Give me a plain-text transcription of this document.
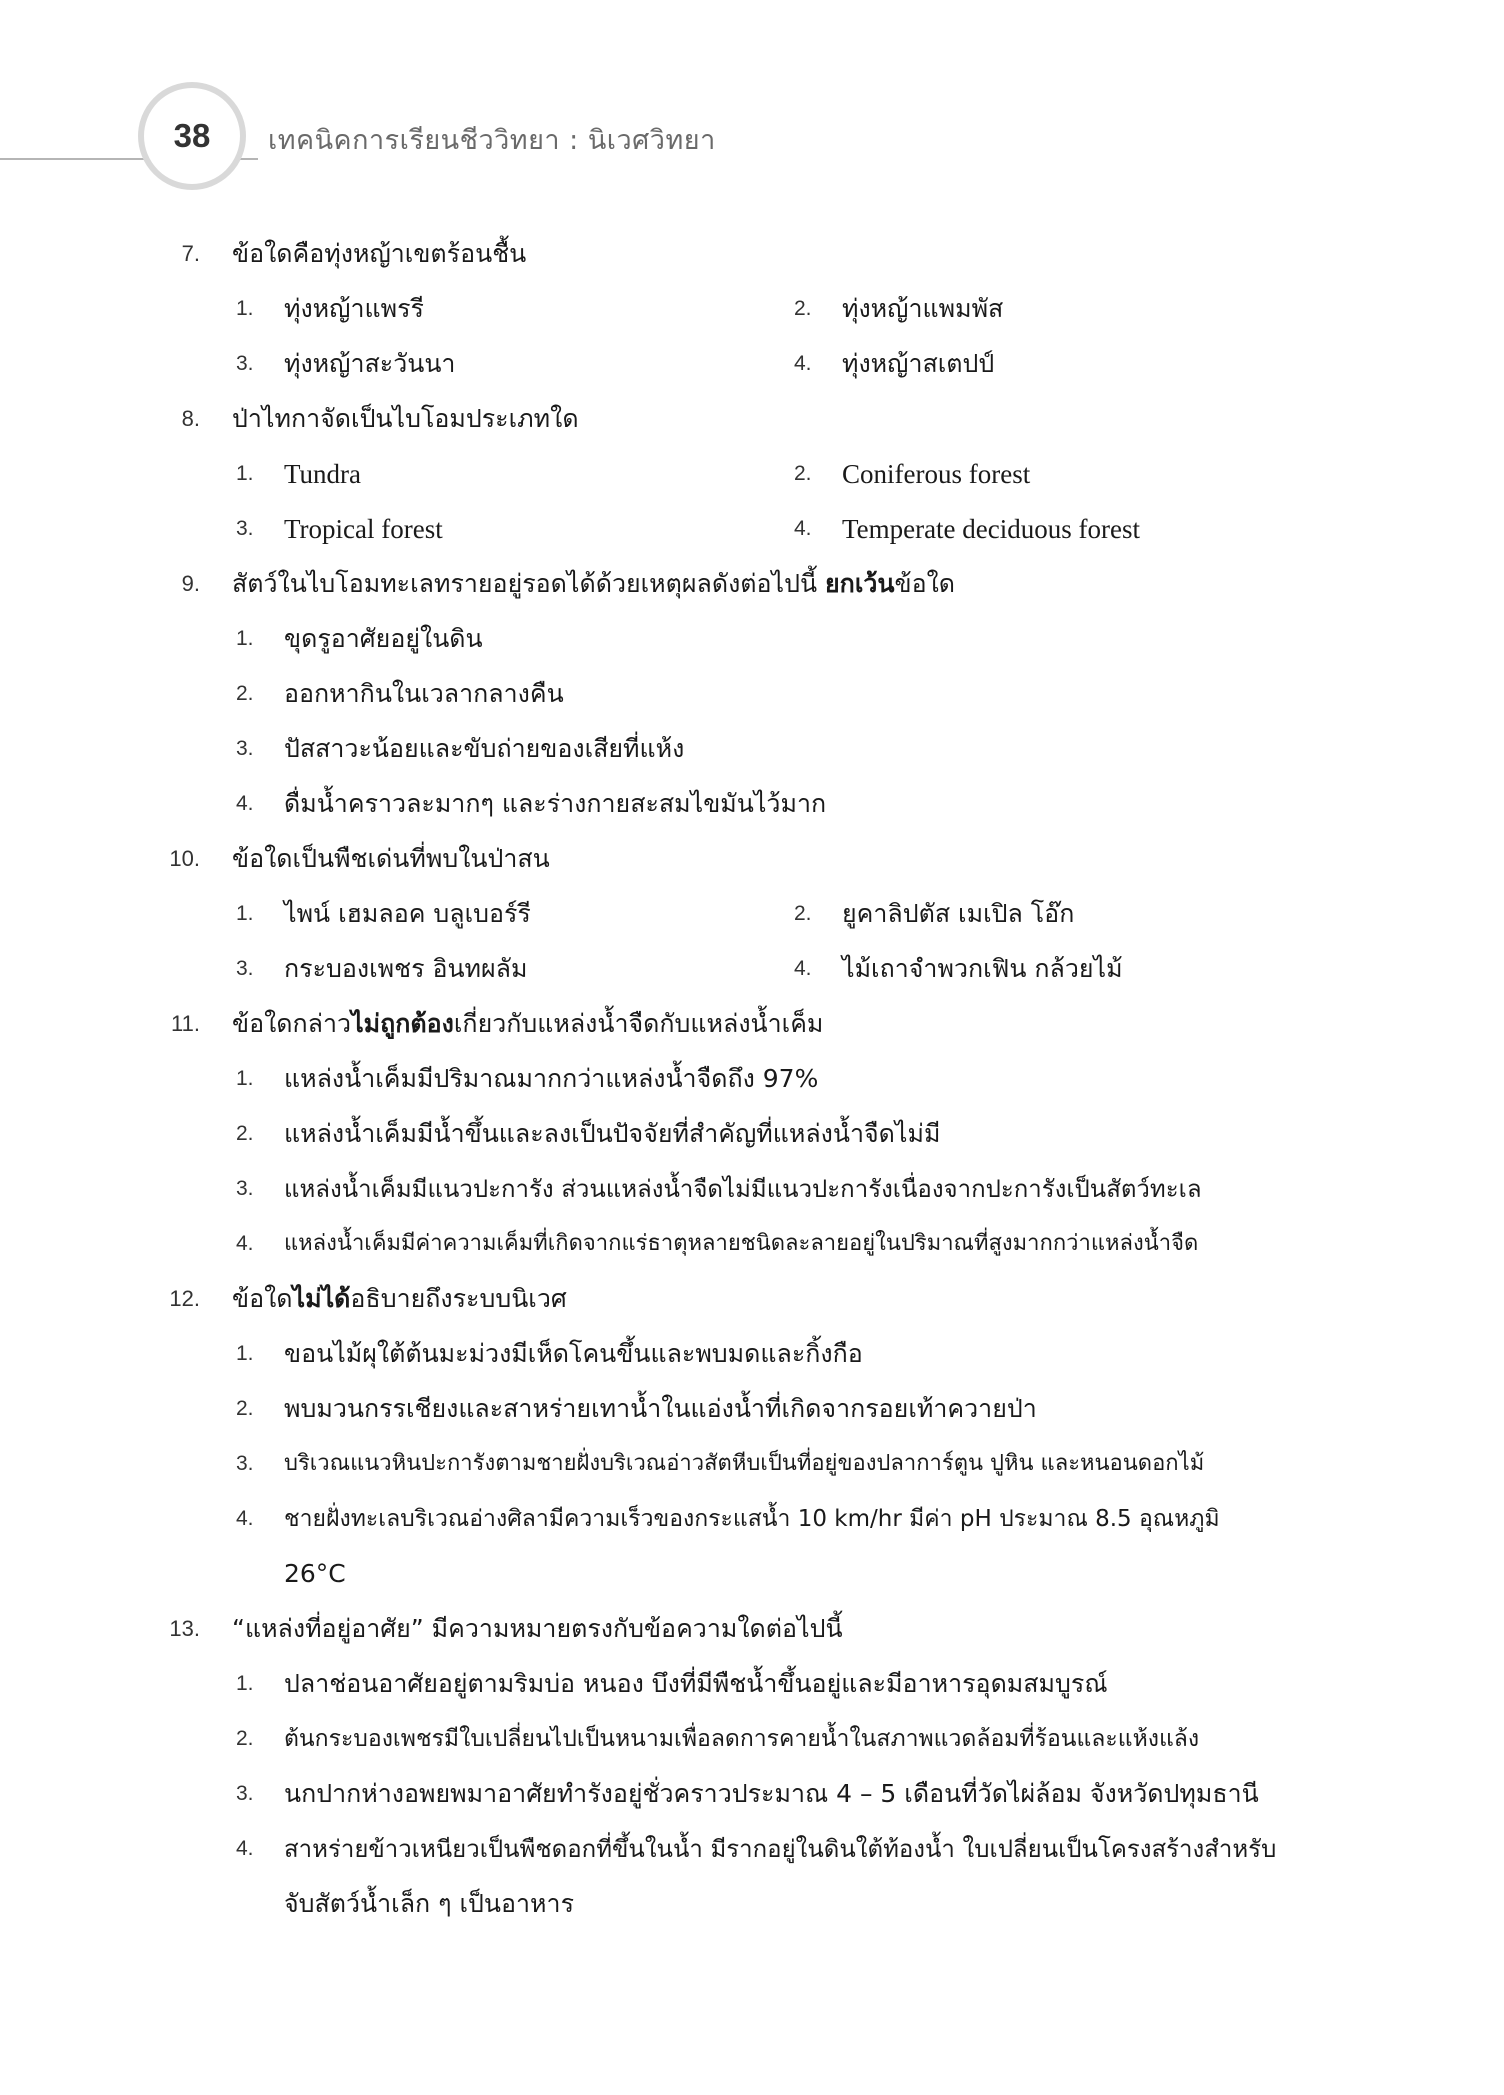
38 เทคนิคการเรียนชีววิทยา : นิเวศวิทยา
7. ข้อใดคือทุ่งหญ้าเขตร้อนชื้น
1.	ทุ่งหญ้าแพรรี	2.	ทุ่งหญ้าแพมพัส
3.	ทุ่งหญ้าสะวันนา	4.	ทุ่งหญ้าสเตปป์
8. ป่าไทกาจัดเป็นไบโอมประเภทใด
1.	Tundra	2.	Coniferous forest
3.	Tropical forest	4.	Temperate deciduous forest
9. สัตว์ในไบโอมทะเลทรายอยู่รอดได้ด้วยเหตุผลดังต่อไปนี้ ยกเว้นข้อใด
1.	ขุดรูอาศัยอยู่ในดิน
2.	ออกหากินในเวลากลางคืน
3.	ปัสสาวะน้อยและขับถ่ายของเสียที่แห้ง
4.	ดื่มน้ำคราวละมากๆ และร่างกายสะสมไขมันไว้มาก
10. ข้อใดเป็นพืชเด่นที่พบในป่าสน
1.	ไพน์ เฮมลอค บลูเบอร์รี	2.	ยูคาลิปตัส เมเปิล โอ๊ก
3.	กระบองเพชร อินทผลัม	4.	ไม้เถาจำพวกเฟิน กล้วยไม้
11. ข้อใดกล่าวไม่ถูกต้องเกี่ยวกับแหล่งน้ำจืดกับแหล่งน้ำเค็ม
1.	แหล่งน้ำเค็มมีปริมาณมากกว่าแหล่งน้ำจืดถึง 97%
2.	แหล่งน้ำเค็มมีน้ำขึ้นและลงเป็นปัจจัยที่สำคัญที่แหล่งน้ำจืดไม่มี
3.	แหล่งน้ำเค็มมีแนวปะการัง ส่วนแหล่งน้ำจืดไม่มีแนวปะการังเนื่องจากปะการังเป็นสัตว์ทะเล
4.	แหล่งน้ำเค็มมีค่าความเค็มที่เกิดจากแร่ธาตุหลายชนิดละลายอยู่ในปริมาณที่สูงมากกว่าแหล่งน้ำจืด
12. ข้อใดไม่ได้อธิบายถึงระบบนิเวศ
1.	ขอนไม้ผุใต้ต้นมะม่วงมีเห็ดโคนขึ้นและพบมดและกิ้งกือ
2.	พบมวนกรรเชียงและสาหร่ายเทาน้ำในแอ่งน้ำที่เกิดจากรอยเท้าควายป่า
3.	บริเวณแนวหินปะการังตามชายฝั่งบริเวณอ่าวสัตหีบเป็นที่อยู่ของปลาการ์ตูน ปูหิน และหนอนดอกไม้
4.	ชายฝั่งทะเลบริเวณอ่างศิลามีความเร็วของกระแสน้ำ 10 km/hr มีค่า pH ประมาณ 8.5 อุณหภูมิ
26°C
13. “แหล่งที่อยู่อาศัย” มีความหมายตรงกับข้อความใดต่อไปนี้
1.	ปลาช่อนอาศัยอยู่ตามริมบ่อ หนอง บึงที่มีพืชน้ำขึ้นอยู่และมีอาหารอุดมสมบูรณ์
2.	ต้นกระบองเพชรมีใบเปลี่ยนไปเป็นหนามเพื่อลดการคายน้ำในสภาพแวดล้อมที่ร้อนและแห้งแล้ง
3.	นกปากห่างอพยพมาอาศัยทำรังอยู่ชั่วคราวประมาณ 4 – 5 เดือนที่วัดไผ่ล้อม จังหวัดปทุมธานี
4.	สาหร่ายข้าวเหนียวเป็นพืชดอกที่ขึ้นในน้ำ มีรากอยู่ในดินใต้ท้องน้ำ ใบเปลี่ยนเป็นโครงสร้างสำหรับ
จับสัตว์น้ำเล็ก ๆ เป็นอาหาร
